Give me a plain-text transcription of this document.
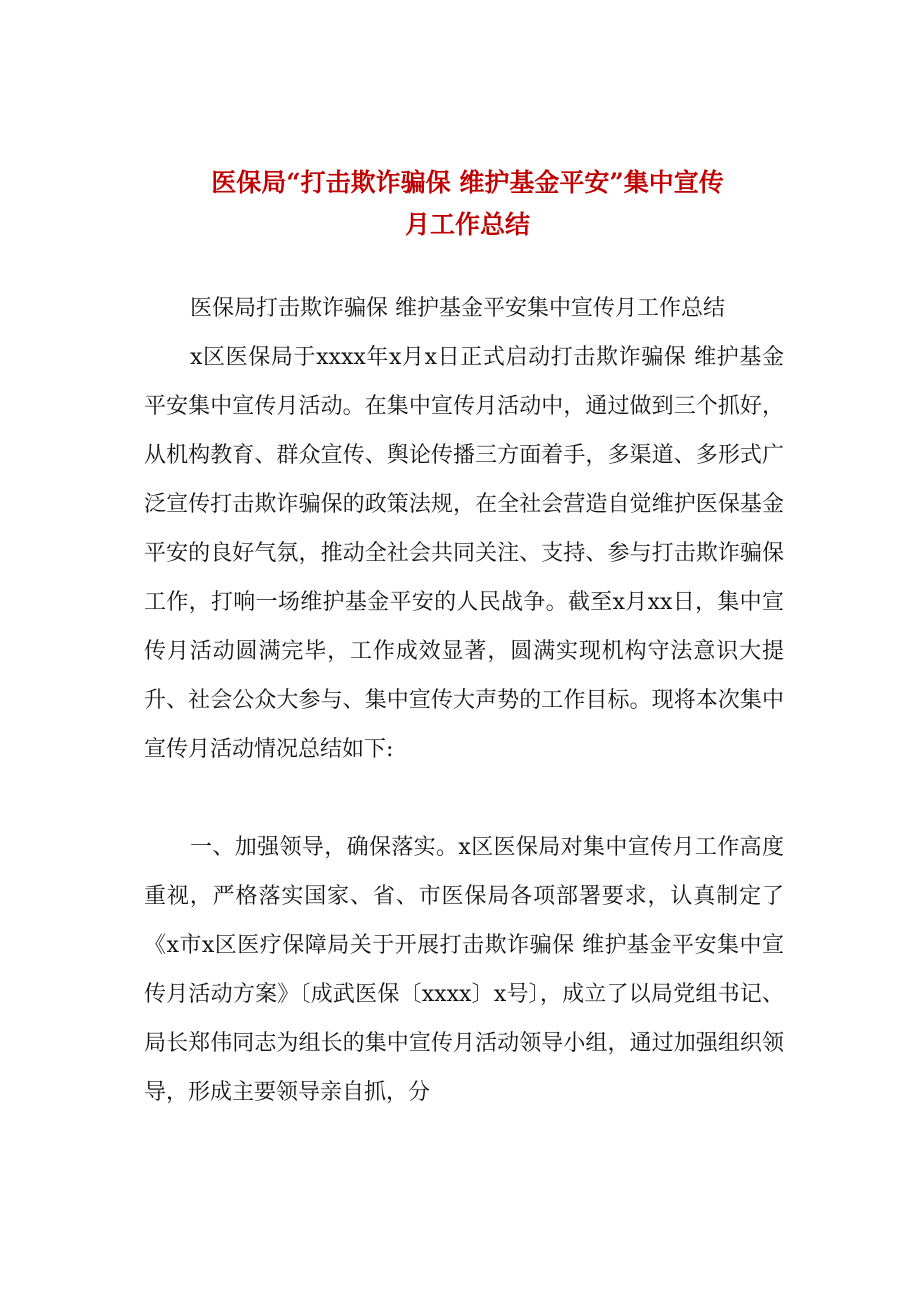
医保局“打击欺诈骗保 维护基金平安”集中宣传
月工作总结

医保局打击欺诈骗保 维护基金平安集中宣传月工作总结

x区医保局于xxxx年x月x日正式启动打击欺诈骗保 维护基金平安集中宣传月活动。在集中宣传月活动中，通过做到三个抓好，从机构教育、群众宣传、舆论传播三方面着手，多渠道、多形式广泛宣传打击欺诈骗保的政策法规，在全社会营造自觉维护医保基金平安的良好气氛，推动全社会共同关注、支持、参与打击欺诈骗保工作，打响一场维护基金平安的人民战争。截至x月xx日，集中宣传月活动圆满完毕，工作成效显著，圆满实现机构守法意识大提升、社会公众大参与、集中宣传大声势的工作目标。现将本次集中宣传月活动情况总结如下:

一、加强领导，确保落实。x区医保局对集中宣传月工作高度重视，严格落实国家、省、市医保局各项部署要求，认真制定了《x市x区医疗保障局关于开展打击欺诈骗保 维护基金平安集中宣传月活动方案》〔成武医保〔xxxx〕x号〕，成立了以局党组书记、局长郑伟同志为组长的集中宣传月活动领导小组，通过加强组织领导，形成主要领导亲自抓，分
